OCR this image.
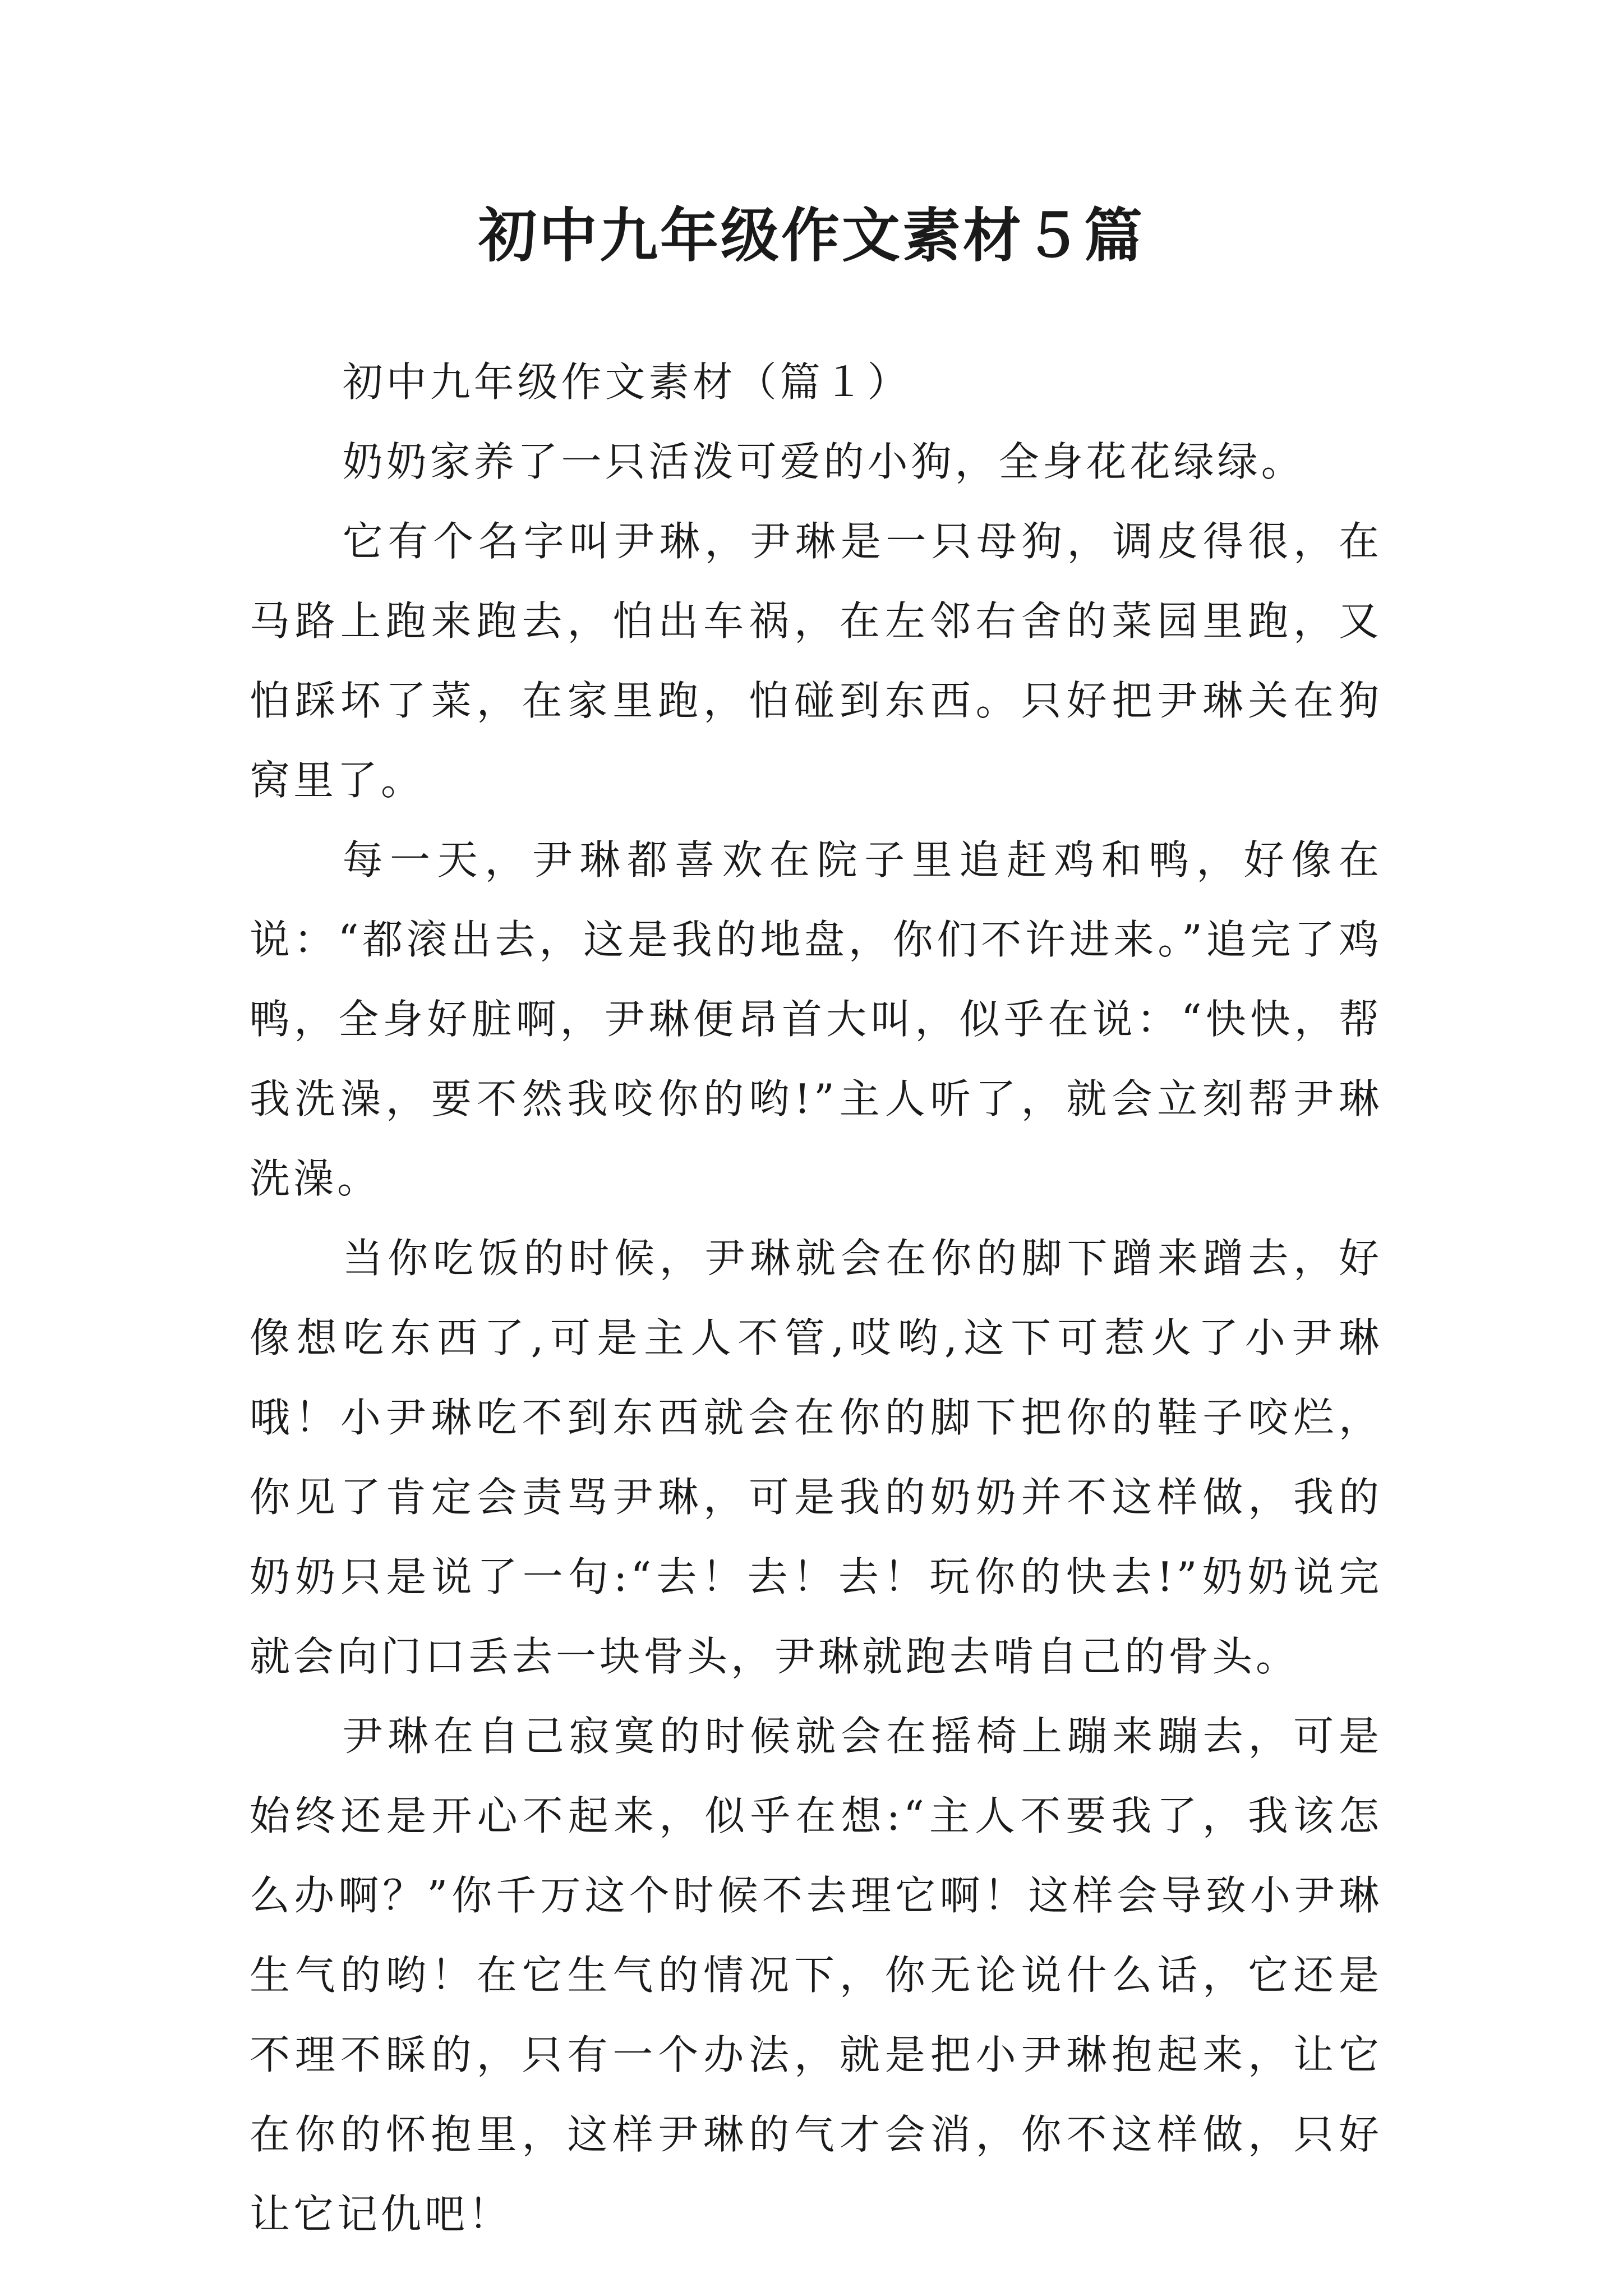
初中九年级作文素材５篇

初中九年级作文素材（篇１）

奶奶家养了一只活泼可爱的小狗，全身花花绿绿。

它有个名字叫尹琳，尹琳是一只母狗，调皮得很，在马路上跑来跑去，怕出车祸，在左邻右舍的菜园里跑，又怕踩坏了菜，在家里跑，怕碰到东西。只好把尹琳关在狗窝里了。

每一天，尹琳都喜欢在院子里追赶鸡和鸭，好像在说：“都滚出去，这是我的地盘，你们不许进来。”追完了鸡鸭，全身好脏啊，尹琳便昂首大叫，似乎在说：“快快，帮我洗澡，要不然我咬你的哟!”主人听了，就会立刻帮尹琳洗澡。

当你吃饭的时候，尹琳就会在你的脚下蹭来蹭去，好像想吃东西了,可是主人不管,哎哟,这下可惹火了小尹琳哦！小尹琳吃不到东西就会在你的脚下把你的鞋子咬烂，你见了肯定会责骂尹琳，可是我的奶奶并不这样做，我的奶奶只是说了一句:“去！去！去！玩你的快去!”奶奶说完就会向门口丢去一块骨头，尹琳就跑去啃自己的骨头。

尹琳在自己寂寞的时候就会在摇椅上蹦来蹦去，可是始终还是开心不起来，似乎在想:“主人不要我了，我该怎么办啊？”你千万这个时候不去理它啊！这样会导致小尹琳生气的哟！在它生气的情况下，你无论说什么话，它还是不理不睬的，只有一个办法，就是把小尹琳抱起来，让它在你的怀抱里，这样尹琳的气才会消，你不这样做，只好让它记仇吧！
